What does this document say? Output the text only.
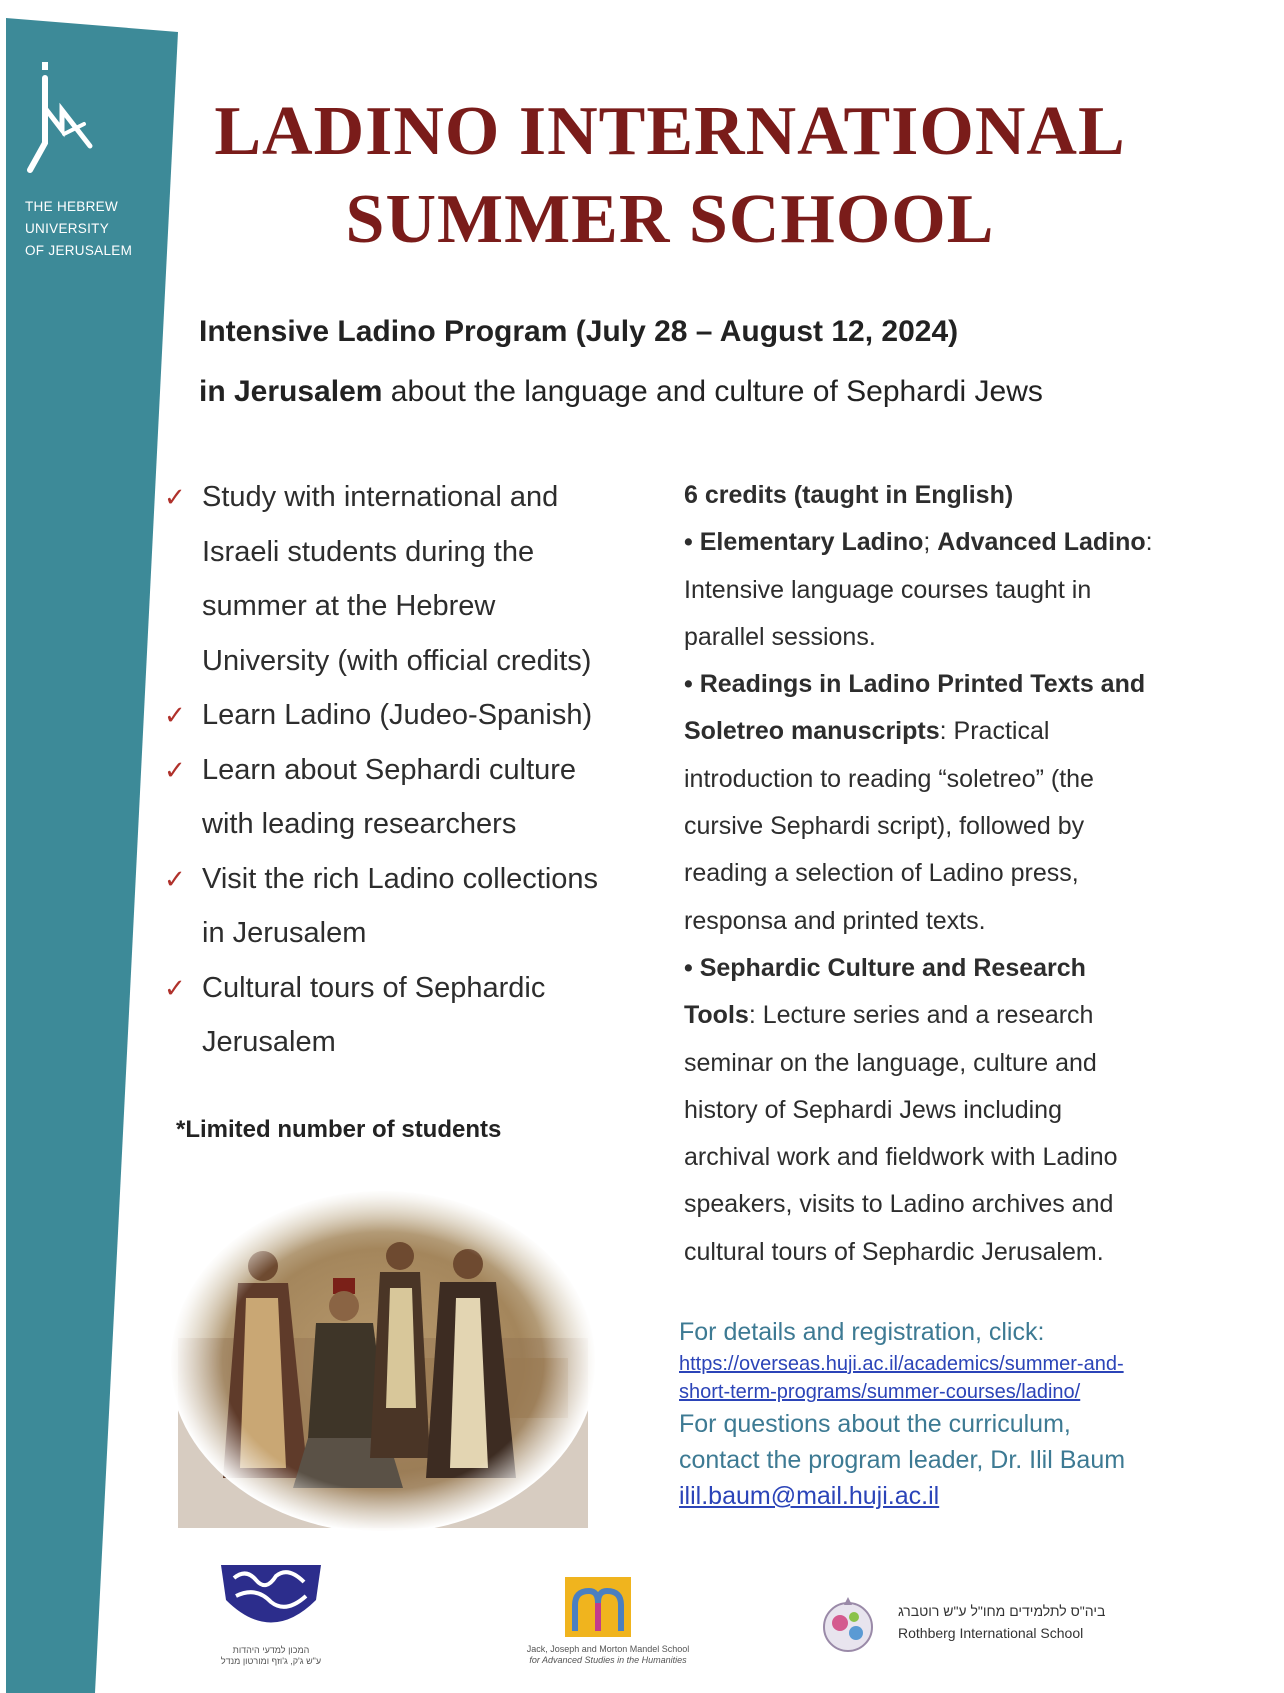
THE HEBREW
UNIVERSITY
OF JERUSALEM
LADINO INTERNATIONAL
SUMMER SCHOOL
Intensive Ladino Program (July 28 – August 12, 2024)
in Jerusalem about the language and culture of Sephardi Jews
✓ Study with international and
Israeli students during the
summer at the Hebrew
University (with official credits)
✓ Learn Ladino (Judeo-Spanish)
✓ Learn about Sephardi culture
with leading researchers
✓ Visit the rich Ladino collections
in Jerusalem
✓ Cultural tours of Sephardic
Jerusalem
*Limited number of students

6 credits (taught in English)

• Elementary Ladino; Advanced Ladino: Intensive language courses taught in parallel sessions.

• Readings in Ladino Printed Texts and Soletreo manuscripts: Practical introduction to reading “soletreo” (the cursive Sephardi script), followed by reading a selection of Ladino press, responsa and printed texts.

• Sephardic Culture and Research Tools: Lecture series and a research seminar on the language, culture and history of Sephardi Jews including archival work and fieldwork with Ladino speakers, visits to Ladino archives and cultural tours of Sephardic Jerusalem.

For details and registration, click:
https://overseas.huji.ac.il/academics/summer-and-
short-term-programs/summer-courses/ladino/
For questions about the curriculum,
contact the program leader, Dr. Ilil Baum
ilil.baum@mail.huji.ac.il
המכון למדעי היהדות
ע"ש ג'ק, ג'וזף ומורטון מנדל
Jack, Joseph and Morton Mandel School
for Advanced Studies in the Humanities
ביה"ס לתלמידים מחו"ל ע"ש רוטברג
Rothberg International School
